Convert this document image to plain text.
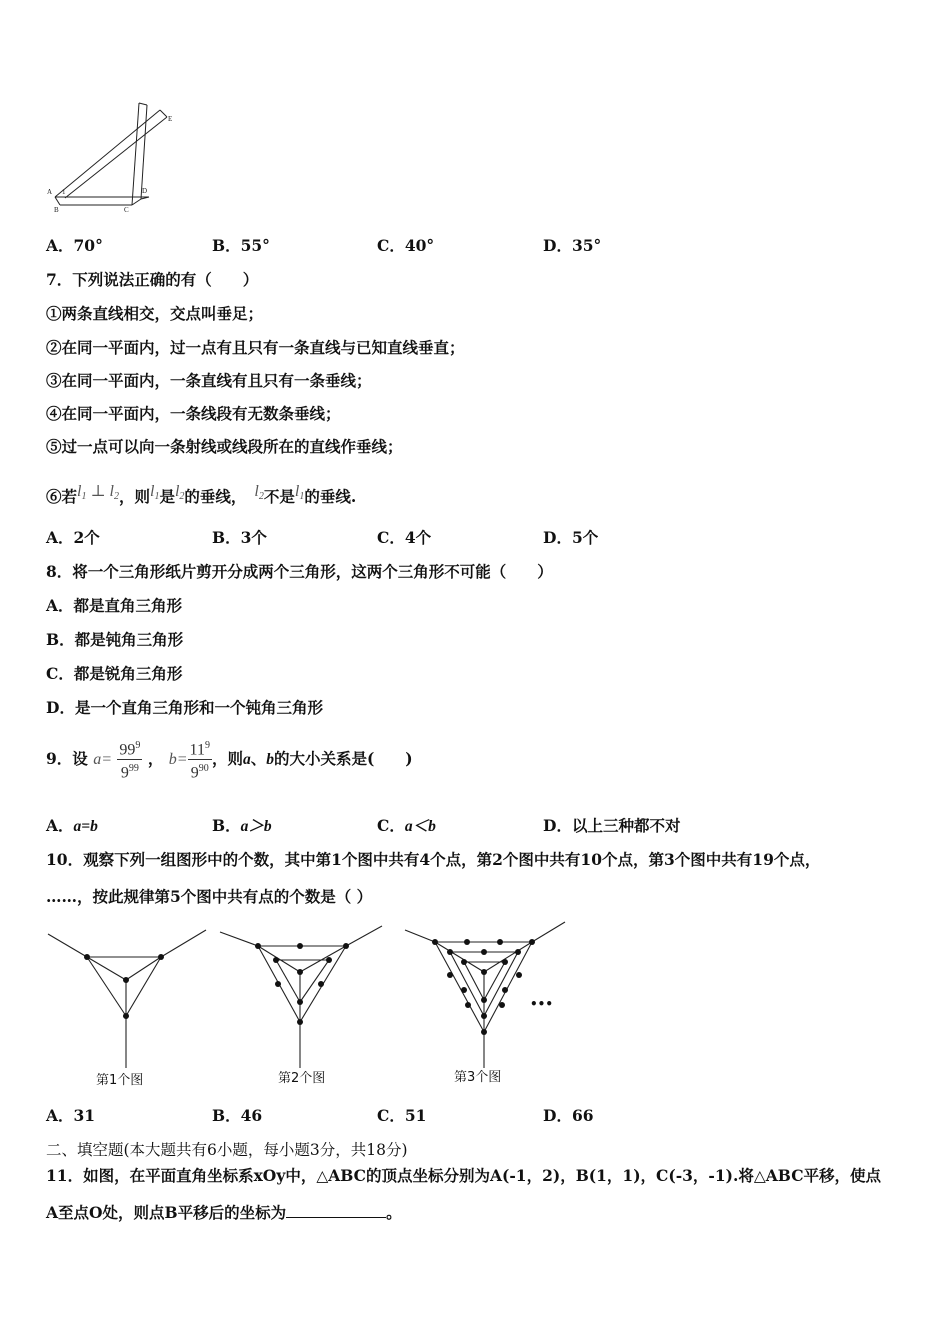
A
B	C
D
E
1
A．70°	B．55°	C．40°	D．35°
7．下列说法正确的有（　　）
①两条直线相交，交点叫垂足；
②在同一平面内，过一点有且只有一条直线与已知直线垂直；
③在同一平面内，一条直线有且只有一条垂线；
④在同一平面内，一条线段有无数条垂线；
⑤过一点可以向一条射线或线段所在的直线作垂线；
⑥若$l_1$ ⊥ $l_2$，则$l_1$是$l_2$的垂线， $l_2$不是$l_1$的垂线.
A．2个	B．3个	C．4个	D．5个
8．将一个三角形纸片剪开分成两个三角形，这两个三角形不可能（　　）
A．都是直角三角形
B．都是钝角三角形
C．都是锐角三角形
D．是一个直角三角形和一个钝角三角形
9．设 $a= \frac{99^9}{9^{99}}$ ， $b= \frac{11^9}{9^{90}}$ ，则a、b的大小关系是(　　)
A．a=b	B．a＞b	C．a＜b	D．以上三种都不对
10．观察下列一组图形中的个数，其中第1个图中共有4个点，第2个图中共有10个点，第3个图中共有19个点，
……，按此规律第5个图中共有点的个数是（ ）
•••
第1个图	第2个图	第3个图
A．31	B．46	C．51	D．66
二、填空题(本大题共有6小题，每小题3分，共18分)
11．如图，在平面直角坐标系xOy中，△ABC的顶点坐标分别为A(-1，2)，B(1，1)，C(-3，-1).将△ABC平移，使点
A至点O处，则点B平移后的坐标为	。
